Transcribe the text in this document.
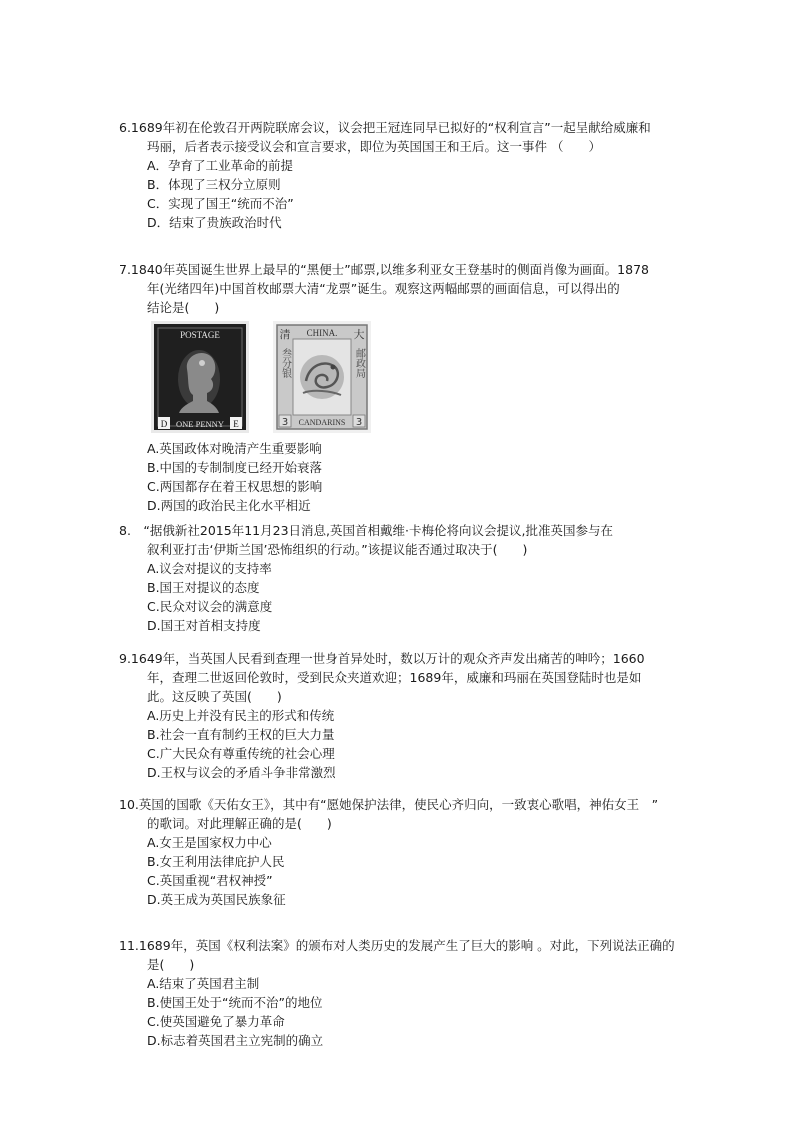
6.1689年初在伦敦召开两院联席会议，议会把王冠连同早已拟好的“权利宣言”一起呈献给威廉和
玛丽，后者表示接受议会和宣言要求，即位为英国国王和王后。这一事件 （　　）

A．孕育了工业革命的前提
B．体现了三权分立原则
C．实现了国王“统而不治”
D．结束了贵族政治时代

7.1840年英国诞生世界上最早的“黑便士”邮票,以维多利亚女王登基时的侧面肖像为画面。1878
年(光绪四年)中国首枚邮票大清“龙票”诞生。观察这两幅邮票的画面信息，可以得出的
结论是(　　)

POSTAGE
D	E
ONE PENNY
清	大
CHINA.
叁分银	邮政局
3	3
CANDARINS
A.英国政体对晚清产生重要影响
B.中国的专制制度已经开始衰落
C.两国都存在着王权思想的影响
D.两国的政治民主化水平相近

8.　“据俄新社2015年11月23日消息,英国首相戴维·卡梅伦将向议会提议,批准英国参与在
叙利亚打击‘伊斯兰国’恐怖组织的行动。”该提议能否通过取决于(　　)

A.议会对提议的支持率
B.国王对提议的态度
C.民众对议会的满意度
D.国王对首相支持度

9.1649年，当英国人民看到查理一世身首异处时，数以万计的观众齐声发出痛苦的呻吟；1660
年，查理二世返回伦敦时，受到民众夹道欢迎；1689年，威廉和玛丽在英国登陆时也是如
此。这反映了英国(　　)

A.历史上并没有民主的形式和传统
B.社会一直有制约王权的巨大力量
C.广大民众有尊重传统的社会心理
D.王权与议会的矛盾斗争非常激烈

10.英国的国歌《天佑女王》，其中有“愿她保护法律，使民心齐归向，一致衷心歌唱，神佑女王　”
的歌词。对此理解正确的是(　　)

A.女王是国家权力中心
B.女王利用法律庇护人民
C.英国重视“君权神授”
D.英王成为英国民族象征

11.1689年，英国《权利法案》的颁布对人类历史的发展产生了巨大的影响 。对此，下列说法正确的
是(　　)

A.结束了英国君主制
B.使国王处于“统而不治”的地位
C.使英国避免了暴力革命
D.标志着英国君主立宪制的确立
